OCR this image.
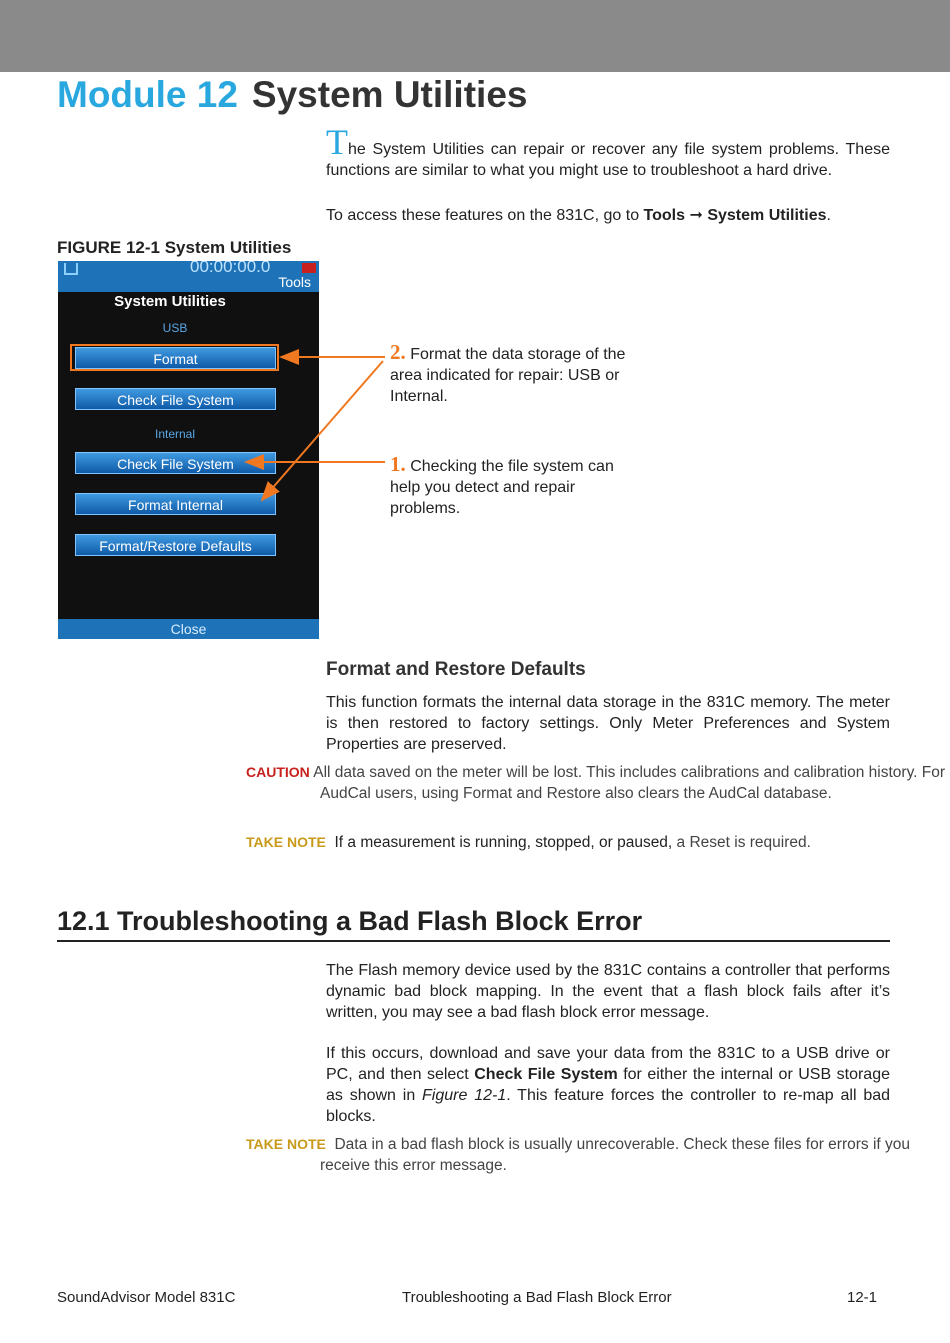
Module 12 System Utilities
The System Utilities can repair or recover any file system problems. These functions are similar to what you might use to troubleshoot a hard drive.
To access these features on the 831C, go to Tools ➞ System Utilities.
FIGURE 12-1 System Utilities
00:00:00.0
Tools
System Utilities
USB
Format
Check File System
Internal
Check File System
Format Internal
Format/Restore Defaults
Close
2. Format the data storage of the area indicated for repair: USB or Internal.
1. Checking the file system can help you detect and repair problems.
Format and Restore Defaults
This function formats the internal data storage in the 831C memory. The meter is then restored to factory settings. Only Meter Preferences and System Properties are preserved.
CAUTION All data saved on the meter will be lost. This includes calibrations and calibration history. For AudCal users, using Format and Restore also clears the AudCal database.
TAKE NOTE If a measurement is running, stopped, or paused, a Reset is required.
12.1 Troubleshooting a Bad Flash Block Error
The Flash memory device used by the 831C contains a controller that performs dynamic bad block mapping. In the event that a flash block fails after it’s written, you may see a bad flash block error message.
If this occurs, download and save your data from the 831C to a USB drive or PC, and then select Check File System for either the internal or USB storage as shown in Figure 12-1. This feature forces the controller to re-map all bad blocks.
TAKE NOTE Data in a bad flash block is usually unrecoverable. Check these files for errors if you receive this error message.
SoundAdvisor Model 831C	Troubleshooting a Bad Flash Block Error	12-1
